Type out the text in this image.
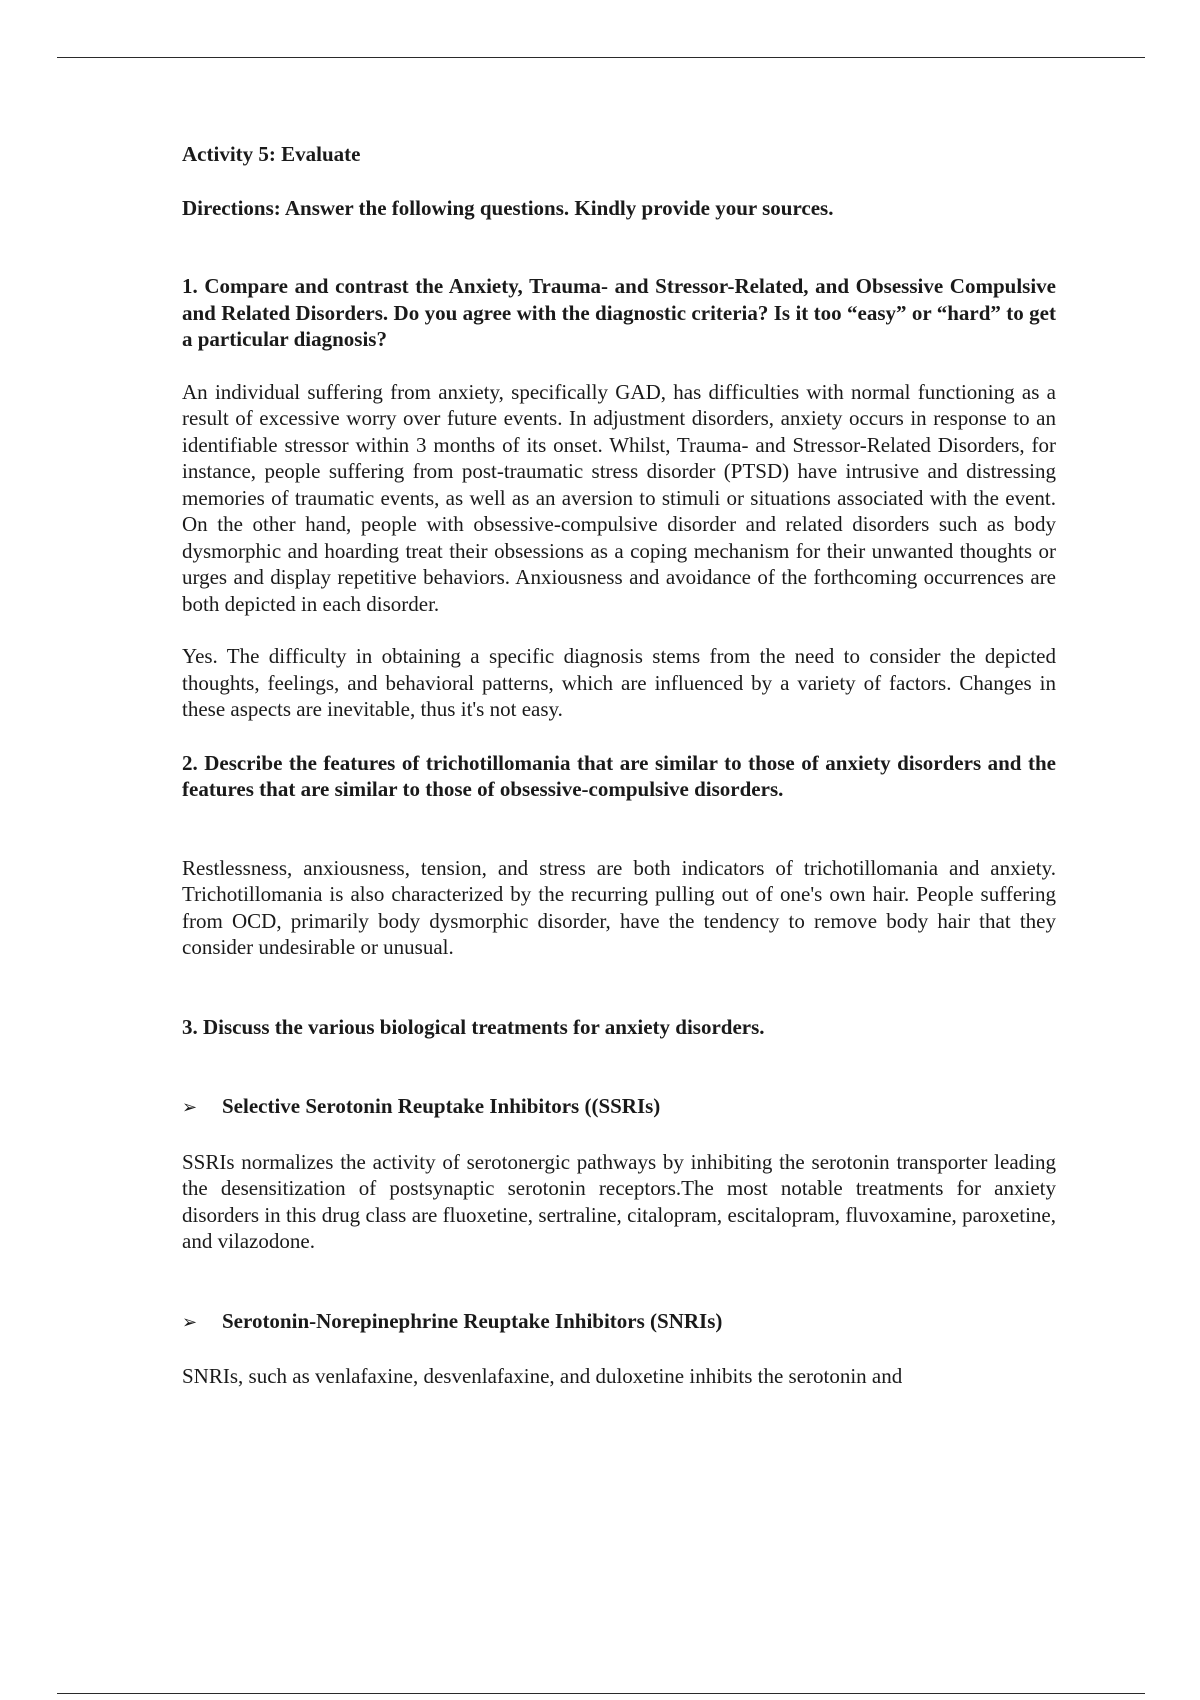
Activity 5: Evaluate

Directions: Answer the following questions. Kindly provide your sources.

1. Compare and contrast the Anxiety, Trauma- and Stressor-Related, and Obsessive Compulsive and Related Disorders. Do you agree with the diagnostic criteria? Is it too “easy” or “hard” to get a particular diagnosis?

An individual suffering from anxiety, specifically GAD, has difficulties with normal functioning as a result of excessive worry over future events. In adjustment disorders, anxiety occurs in response to an identifiable stressor within 3 months of its onset. Whilst, Trauma- and Stressor-Related Disorders, for instance, people suffering from post-traumatic stress disorder (PTSD) have intrusive and distressing memories of traumatic events, as well as an aversion to stimuli or situations associated with the event. On the other hand, people with obsessive-compulsive disorder and related disorders such as body dysmorphic and hoarding treat their obsessions as a coping mechanism for their unwanted thoughts or urges and display repetitive behaviors. Anxiousness and avoidance of the forthcoming occurrences are both depicted in each disorder.

Yes. The difficulty in obtaining a specific diagnosis stems from the need to consider the depicted thoughts, feelings, and behavioral patterns, which are influenced by a variety of factors. Changes in these aspects are inevitable, thus it's not easy.

2. Describe the features of trichotillomania that are similar to those of anxiety disorders and the features that are similar to those of obsessive-compulsive disorders.

Restlessness, anxiousness, tension, and stress are both indicators of trichotillomania and anxiety. Trichotillomania is also characterized by the recurring pulling out of one's own hair. People suffering from OCD, primarily body dysmorphic disorder, have the tendency to remove body hair that they consider undesirable or unusual.

3. Discuss the various biological treatments for anxiety disorders.
➢	Selective Serotonin Reuptake Inhibitors ((SSRIs)

SSRIs normalizes the activity of serotonergic pathways by inhibiting the serotonin transporter leading the desensitization of postsynaptic serotonin receptors.The most notable treatments for anxiety disorders in this drug class are fluoxetine, sertraline, citalopram, escitalopram, fluvoxamine, paroxetine, and vilazodone.

➢	Serotonin-Norepinephrine Reuptake Inhibitors (SNRIs)

SNRIs, such as venlafaxine, desvenlafaxine, and duloxetine inhibits the serotonin and
